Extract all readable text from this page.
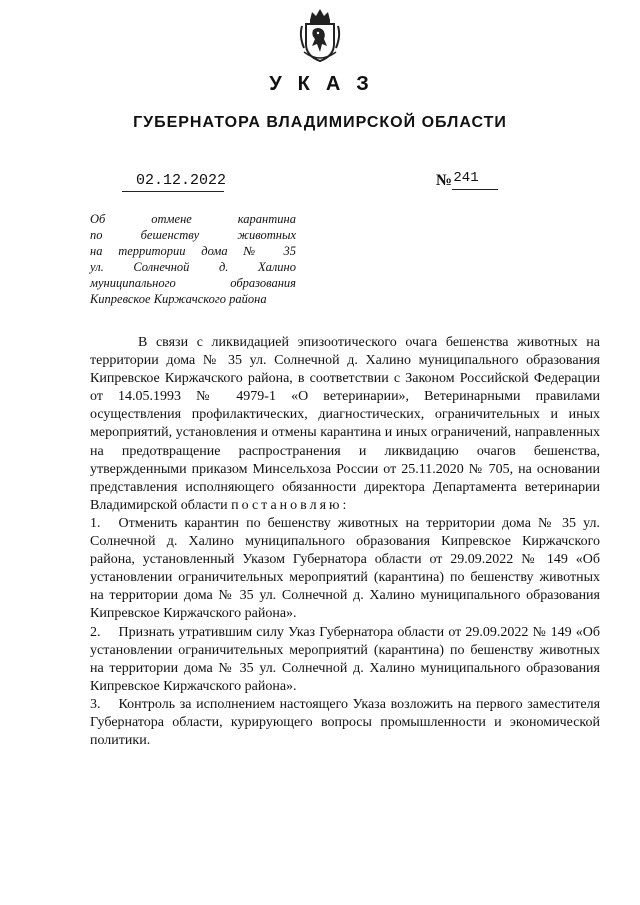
УКАЗ
ГУБЕРНАТОРА ВЛАДИМИРСКОЙ ОБЛАСТИ
02.12.2022	№ 241
Об отмене карантина
по бешенству животных
на территории дома № 35
ул. Солнечной д. Халино
муниципального образования
Кипревское Киржачского района

В связи с ликвидацией эпизоотического очага бешенства животных на территории дома № 35 ул. Солнечной д. Халино муниципального образования Кипревское Киржачского района, в соответствии с Законом Российской Федерации от 14.05.1993 № 4979-1 «О ветеринарии», Ветеринарными правилами осуществления профилактических, диагностических, ограничительных и иных мероприятий, установления и отмены карантина и иных ограничений, направленных на предотвращение распространения и ликвидацию очагов бешенства, утвержденными приказом Минсельхоза России от 25.11.2020 № 705, на основании представления исполняющего обязанности директора Департамента ветеринарии Владимирской области постановляю:

1. Отменить карантин по бешенству животных на территории дома № 35 ул. Солнечной д. Халино муниципального образования Кипревское Киржачского района, установленный Указом Губернатора области от 29.09.2022 № 149 «Об установлении ограничительных мероприятий (карантина) по бешенству животных на территории дома № 35 ул. Солнечной д. Халино муниципального образования Кипревское Киржачского района».

2. Признать утратившим силу Указ Губернатора области от 29.09.2022 № 149 «Об установлении ограничительных мероприятий (карантина) по бешенству животных на территории дома № 35 ул. Солнечной д. Халино муниципального образования Кипревское Киржачского района».

3. Контроль за исполнением настоящего Указа возложить на первого заместителя Губернатора области, курирующего вопросы промышленности и экономической политики.
